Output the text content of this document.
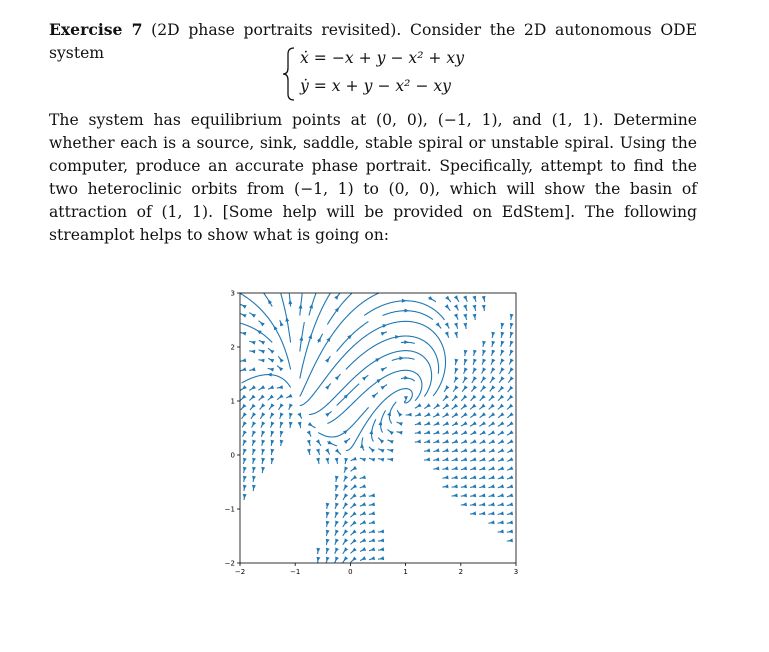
Exercise 7 (2D phase portraits revisited). Consider the 2D autonomous ODE system	ẋ = −x + y − x² + xy
ẏ = x + y − x² − xy
The system has equilibrium points at (0, 0), (−1, 1), and (1, 1). Determine whether each is a source, sink, saddle, stable spiral or unstable spiral. Using the computer, produce an accurate phase portrait. Specifically, attempt to find the two heteroclinic orbits from (−1, 1) to (0, 0), which will show the basin of attraction of (1, 1). [Some help will be provided on EdStem]. The following streamplot helps to show what is going on:
−2	−1	0	1	2	3
−2
−1
0
1
2
3
